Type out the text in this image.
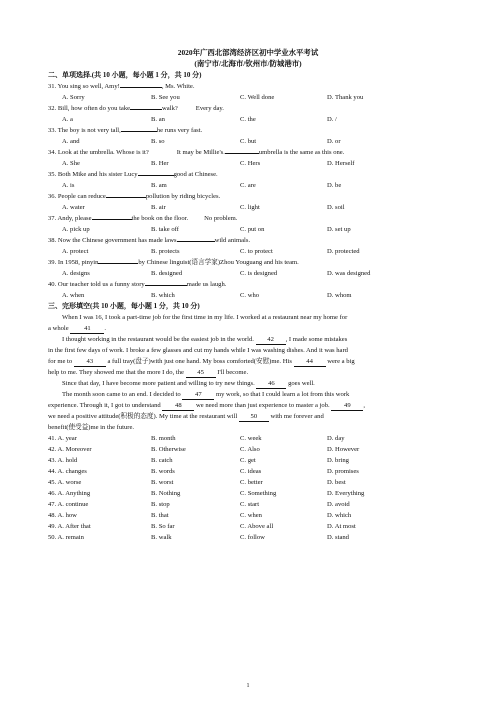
2020年广西北部湾经济区初中学业水平考试
(南宁市/北海市/钦州市/防城港市)
二、单项选择.(共 10 小题，每小题 1 分，共 10 分)
31. You sing so well, Amy!	, Ms. White.
A. Sorry	B. See you	C. Well done	D. Thank you
32. Bill, how often do you take	walk?	Every day.
A. a	B. an	C. the	D. /
33. The boy is not very tall,	he runs very fast.
A. and	B. so	C. but	D. or
34. Look at the umbrella. Whose is it?	It may be Millie's.	umbrella is the same as this one.
A. She	B. Her	C. Hers	D. Herself
35. Both Mike and his sister Lucy	good at Chinese.
A. is	B. am	C. are	D. be
36. People can reduce	pollution by riding bicycles.
A. water	B. air	C. light	D. soil
37. Andy, please	the book on the floor. No problem.
A. pick up	B. take off	C. put on	D. set up
38. Now the Chinese government has made laws	wild animals.
A. protect	B. protects	C. to protect	D. protected
39. In 1958, pinyin	by Chinese linguist(语言学家)Zhou Youguang and his team.
A. designs	B. designed	C. is designed	D. was designed
40. Our teacher told us a funny story	made us laugh.
A. when	B. which	C. who	D. whom
三、完形填空(共 10 小题，每小题 1 分，共 10 分)
When I was 16, I took a part-time job for the first time in my life. I worked at a restaurant near my home for
a whole 41 .
I thought working in the restaurant would be the easiest job in the world. 42 , I made some mistakes
in the first few days of work. I broke a few glasses and cut my hands while I was washing dishes. And it was hard
for me to 43 a full tray(盘子)with just one hand. My boss comforted(安慰)me. His 44 were a big
help to me. They showed me that the more I do, the 45 I'll become.
Since that day, I have become more patient and willing to try new things. 46 goes well.
The month soon came to an end. I decided to 47 my work, so that I could learn a lot from this work
experience. Through it, I got to understand 48 we need more than just experience to master a job. 49 ,
we need a positive attitude(积极的态度). My time at the restaurant will 50 with me forever and
benefit(使受益)me in the future.
41. A. year	B. month	C. week	D. day
42. A. Moreover	B. Otherwise	C. Also	D. However
43. A. hold	B. catch	C. get	D. bring
44. A. changes	B. words	C. ideas	D. promises
45. A. worse	B. worst	C. better	D. best
46. A. Anything	B. Nothing	C. Something	D. Everything
47. A. continue	B. stop	C. start	D. avoid
48. A. how	B. that	C. when	D. which
49. A. After that	B. So far	C. Above all	D. At most
50. A. remain	B. walk	C. follow	D. stand
1
